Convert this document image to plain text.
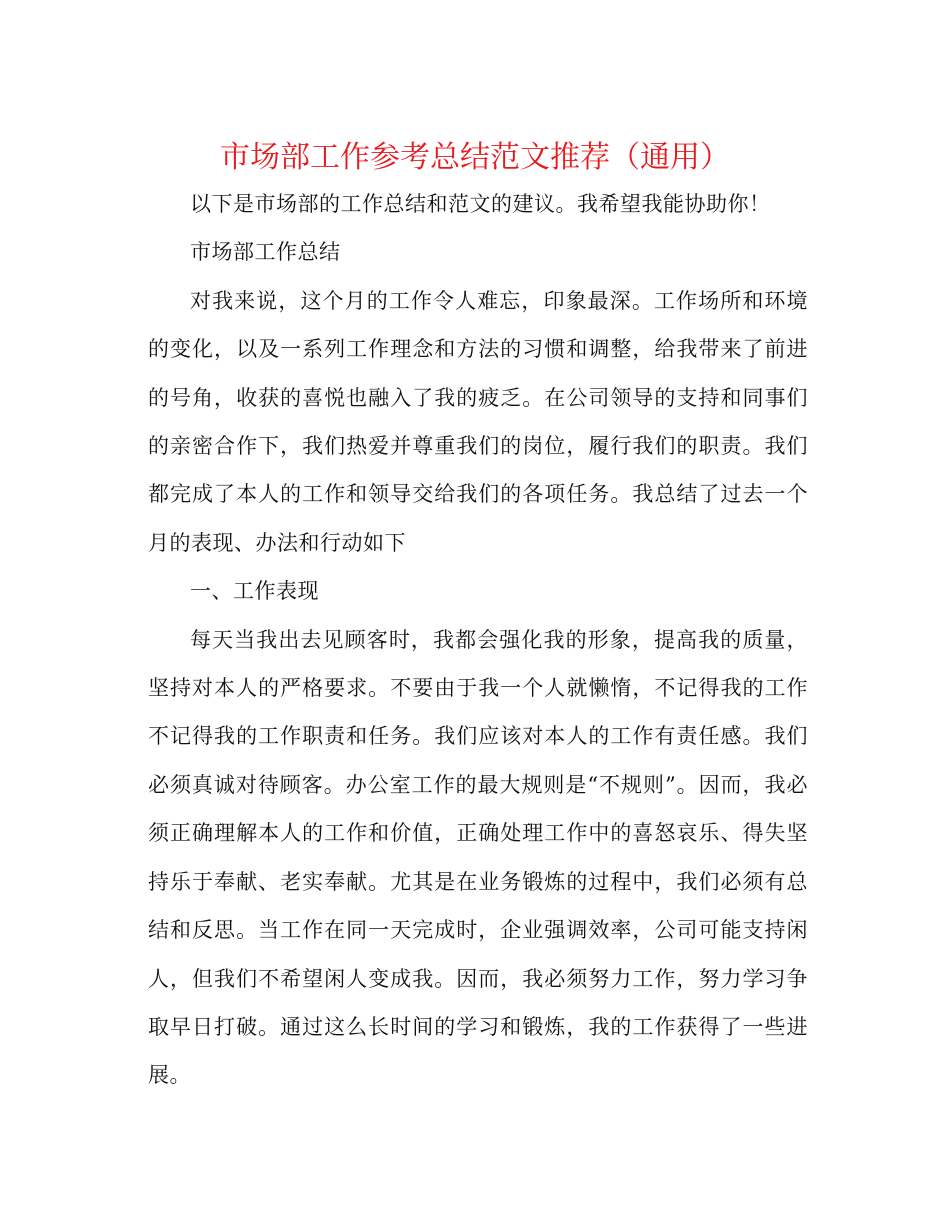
市场部工作参考总结范文推荐（通用）

以下是市场部的工作总结和范文的建议。我希望我能协助你！

市场部工作总结

对我来说，这个月的工作令人难忘，印象最深。工作场所和环境的变化，以及一系列工作理念和方法的习惯和调整，给我带来了前进的号角，收获的喜悦也融入了我的疲乏。在公司领导的支持和同事们的亲密合作下，我们热爱并尊重我们的岗位，履行我们的职责。我们都完成了本人的工作和领导交给我们的各项任务。我总结了过去一个月的表现、办法和行动如下

一、工作表现

每天当我出去见顾客时，我都会强化我的形象，提高我的质量，坚持对本人的严格要求。不要由于我一个人就懒惰，不记得我的工作不记得我的工作职责和任务。我们应该对本人的工作有责任感。我们必须真诚对待顾客。办公室工作的最大规则是“不规则”。因而，我必须正确理解本人的工作和价值，正确处理工作中的喜怒哀乐、得失坚持乐于奉献、老实奉献。尤其是在业务锻炼的过程中，我们必须有总结和反思。当工作在同一天完成时，企业强调效率，公司可能支持闲人，但我们不希望闲人变成我。因而，我必须努力工作，努力学习争取早日打破。通过这么长时间的学习和锻炼，我的工作获得了一些进展。
